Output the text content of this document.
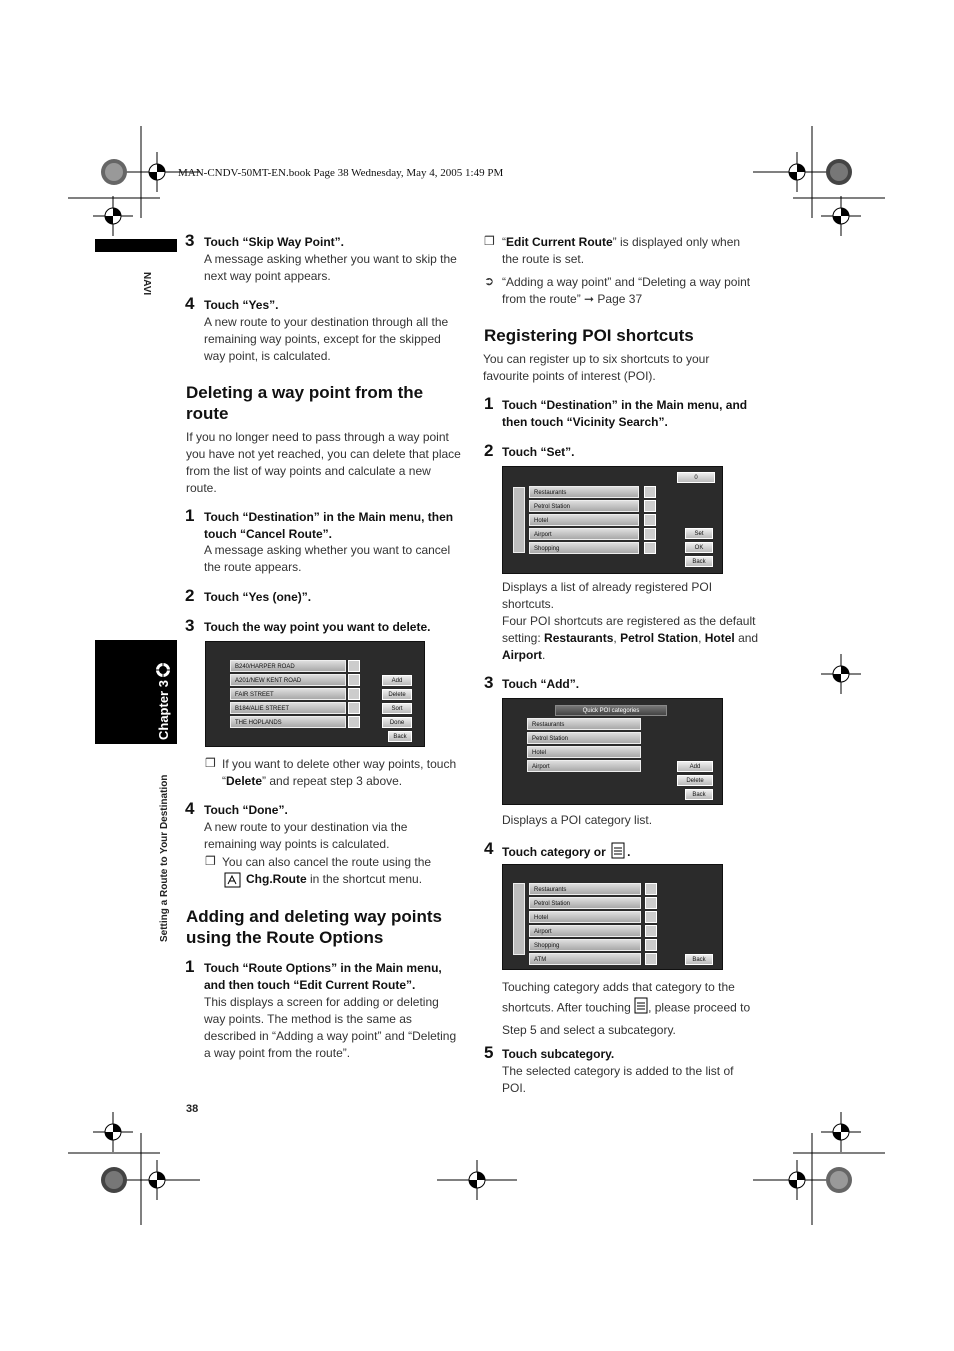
MAN-CNDV-50MT-EN.book Page 38 Wednesday, May 4, 2005 1:49 PM
NAVI
Chapter 3
Setting a Route to Your Destination
3 Touch “Skip Way Point”.
A message asking whether you want to skip the next way point appears.
4 Touch “Yes”.
A new route to your destination through all the remaining way points, except for the skipped way point, is calculated.
Deleting a way point from the route
If you no longer need to pass through a way point you have not yet reached, you can delete that place from the list of way points and calculate a new route.
1 Touch “Destination” in the Main menu, then touch “Cancel Route”.
A message asking whether you want to cancel the route appears.
2 Touch “Yes (one)”.
3 Touch the way point you want to delete.
B240/HARPER ROAD
A201/NEW KENT ROAD
FAIR STREET
B184/ALIE STREET
THE HOPLANDS
Add
Delete
Sort
Done
Back
❒ If you want to delete other way points, touch “Delete” and repeat step 3 above.
4 Touch “Done”.
A new route to your destination via the remaining way points is calculated.
❒ You can also cancel the route using the
Chg.Route in the shortcut menu.
Adding and deleting way points using the Route Options
1 Touch “Route Options” in the Main menu, and then touch “Edit Current Route”.
This displays a screen for adding or deleting way points. The method is the same as described in “Adding a way point” and “Deleting a way point from the route”.
38
❒ “Edit Current Route” is displayed only when the route is set.
➲ “Adding a way point” and “Deleting a way point from the route” ➞ Page 37
Registering POI shortcuts
You can register up to six shortcuts to your favourite points of interest (POI).
1 Touch “Destination” in the Main menu, and then touch “Vicinity Search”.
2 Touch “Set”.
Restaurants
Petrol Station
Hotel
Airport
Shopping
0
Set
OK
Back
Displays a list of already registered POI shortcuts.
Four POI shortcuts are registered as the default setting: Restaurants, Petrol Station, Hotel and Airport.
3 Touch “Add”.
Quick POI categories
Restaurants
Petrol Station
Hotel
Airport	Add
Delete
Back
Displays a POI category list.
4 Touch category or .
Restaurants
Petrol Station
Hotel
Airport
Shopping
ATM	Back
Touching category adds that category to the shortcuts. After touching , please proceed to Step 5 and select a subcategory.
5 Touch subcategory.
The selected category is added to the list of POI.
